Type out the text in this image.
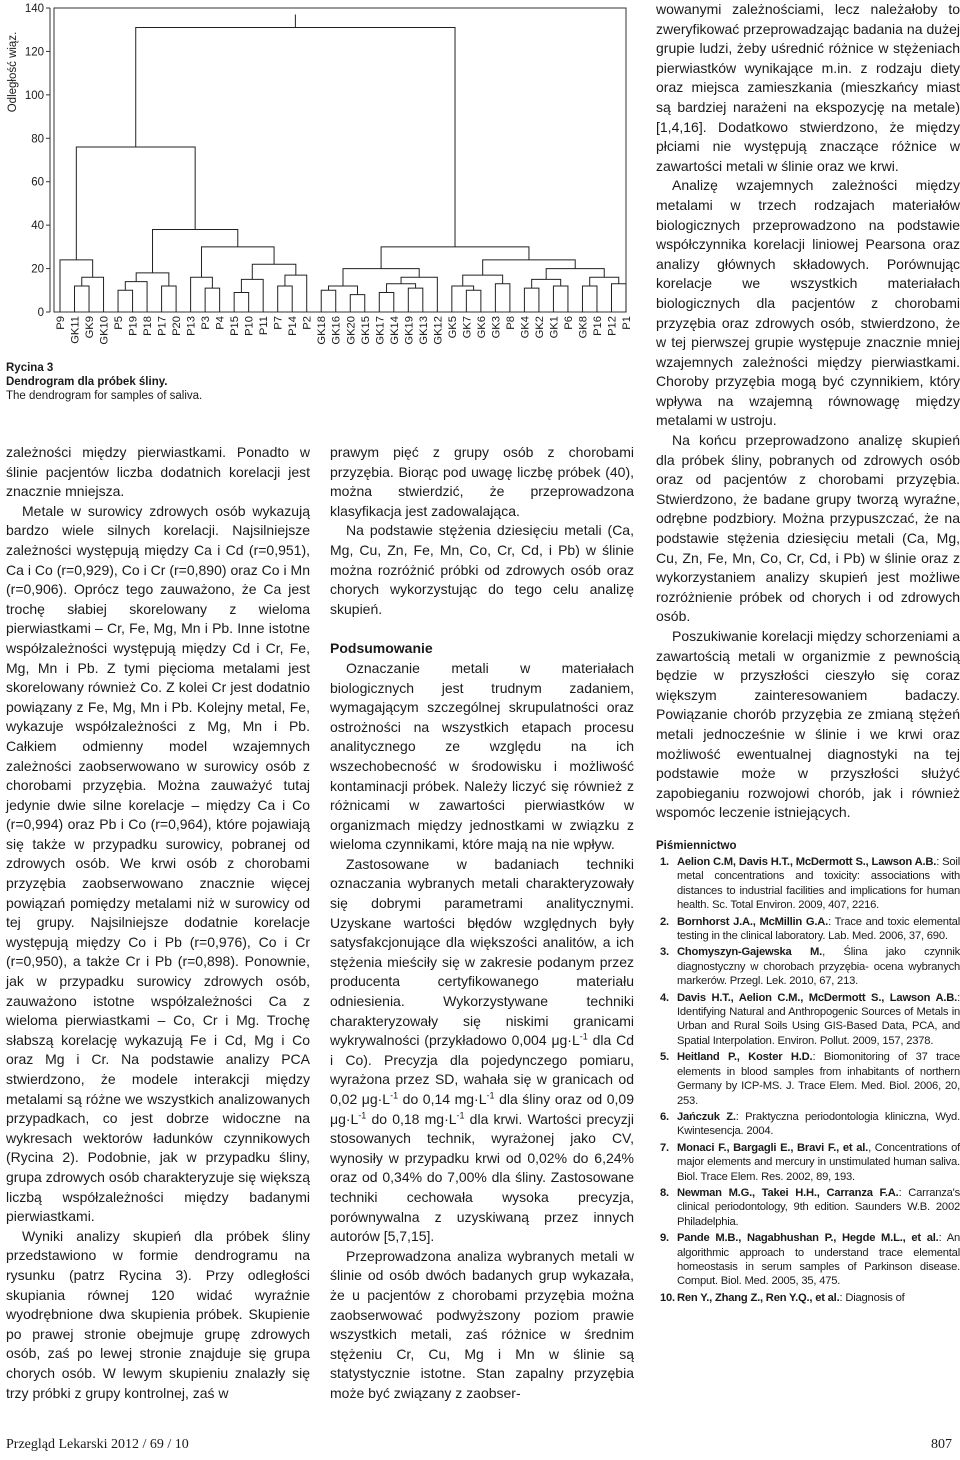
140
120
100
80
60
40
20
0
P9 GK11 GK9 GK10 P5 P19 P18 P17 P20 P13 P3 P4 P15 P10 P11 P7 P14 P2 GK18 GK16 GK20 GK15 GK17 GK14 GK19 GK13 GK12 GK5 GK7 GK6 GK3 P8 GK4 GK2 GK1 P6 GK8 P16 P12 P1
Odległość wiąz.
Rycina 3
Dendrogram dla próbek śliny.
The dendrogram for samples of saliva.

zależności między pierwiastkami. Ponadto w ślinie pacjentów liczba dodatnich korelacji jest znacznie mniejsza.

Metale w surowicy zdrowych osób wykazują bardzo wiele silnych korelacji. Najsilniejsze zależności występują między Ca i Cd (r=0,951), Ca i Co (r=0,929), Co i Cr (r=0,890) oraz Co i Mn (r=0,906). Oprócz tego zauważono, że Ca jest trochę słabiej skorelowany z wieloma pierwiastkami – Cr, Fe, Mg, Mn i Pb. Inne istotne współzależności występują między Cd i Cr, Fe, Mg, Mn i Pb. Z tymi pięcioma metalami jest skorelowany również Co. Z kolei Cr jest dodatnio powiązany z Fe, Mg, Mn i Pb. Kolejny metal, Fe, wykazuje współzależności z Mg, Mn i Pb. Całkiem odmienny model wzajemnych zależności zaobserwowano w surowicy osób z chorobami przyzębia. Można zauważyć tutaj jedynie dwie silne korelacje – między Ca i Co (r=0,994) oraz Pb i Co (r=0,964), które pojawiają się także w przypadku surowicy, pobranej od zdrowych osób. We krwi osób z chorobami przyzębia zaobserwowano znacznie więcej powiązań pomiędzy metalami niż w surowicy od tej grupy. Najsilniejsze dodatnie korelacje występują między Co i Pb (r=0,976), Co i Cr (r=0,950), a także Cr i Pb (r=0,898). Ponownie, jak w przypadku surowicy zdrowych osób, zauważono istotne współzależności Ca z wieloma pierwiastkami – Co, Cr i Mg. Trochę słabszą korelację wykazują Fe i Cd, Mg i Co oraz Mg i Cr. Na podstawie analizy PCA stwierdzono, że modele interakcji między metalami są różne we wszystkich analizowanych przypadkach, co jest dobrze widoczne na wykresach wektorów ładunków czynnikowych (Rycina 2). Podobnie, jak w przypadku śliny, grupa zdrowych osób charakteryzuje się większą liczbą współzależności między badanymi pierwiastkami.

Wyniki analizy skupień dla próbek śliny przedstawiono w formie dendrogramu na rysunku (patrz Rycina 3). Przy odległości skupiania równej 120 widać wyraźnie wyodrębnione dwa skupienia próbek. Skupienie po prawej stronie obejmuje grupę zdrowych osób, zaś po lewej stronie znajduje się grupa chorych osób. W lewym skupieniu znalazły się trzy próbki z grupy kontrolnej, zaś w

prawym pięć z grupy osób z chorobami przyzębia. Biorąc pod uwagę liczbę próbek (40), można stwierdzić, że przeprowadzona klasyfikacja jest zadowalająca.

Na podstawie stężenia dziesięciu metali (Ca, Mg, Cu, Zn, Fe, Mn, Co, Cr, Cd, i Pb) w ślinie można rozróżnić próbki od zdrowych osób oraz chorych wykorzystując do tego celu analizę skupień.

Podsumowanie

Oznaczanie metali w materiałach biologicznych jest trudnym zadaniem, wymagającym szczególnej skrupulatności oraz ostrożności na wszystkich etapach procesu analitycznego ze względu na ich wszechobecność w środowisku i możliwość kontaminacji próbek. Należy liczyć się również z różnicami w zawartości pierwiastków w organizmach między jednostkami w związku z wieloma czynnikami, które mają na nie wpływ.

Zastosowane w badaniach techniki oznaczania wybranych metali charakteryzowały się dobrymi parametrami analitycznymi. Uzyskane wartości błędów względnych były satysfakcjonujące dla większości analitów, a ich stężenia mieściły się w zakresie podanym przez producenta certyfikowanego materiału odniesienia. Wykorzystywane techniki charakteryzowały się niskimi granicami wykrywalności (przykładowo 0,004 $\mu g\cdot L^{-1}$ dla Cd i Co). Precyzja dla pojedynczego pomiaru, wyrażona przez SD, wahała się w granicach od 0,02 $\mu g\cdot L^{-1}$ do 0,14 $mg\cdot L^{-1}$ dla śliny oraz od 0,09 $\mu g\cdot L^{-1}$ do 0,18 $mg\cdot L^{-1}$ dla krwi. Wartości precyzji stosowanych technik, wyrażonej jako CV, wynosiły w przypadku krwi od 0,02% do 6,24% oraz od 0,34% do 7,00% dla śliny. Zastosowane techniki cechowała wysoka precyzja, porównywalna z uzyskiwaną przez innych autorów [5,7,15].

Przeprowadzona analiza wybranych metali w ślinie od osób dwóch badanych grup wykazała, że u pacjentów z chorobami przyzębia można zaobserwować podwyższony poziom prawie wszystkich metali, zaś różnice w średnim stężeniu Cr, Cu, Mg i Mn w ślinie są statystycznie istotne. Stan zapalny przyzębia może być związany z zaobser-

wowanymi zależnościami, lecz należałoby to zweryfikować przeprowadzając badania na dużej grupie ludzi, żeby uśrednić różnice w stężeniach pierwiastków wynikające m.in. z rodzaju diety oraz miejsca zamieszkania (mieszkańcy miast są bardziej narażeni na ekspozycję na metale) [1,4,16]. Dodatkowo stwierdzono, że między płciami nie występują znaczące różnice w zawartości metali w ślinie oraz we krwi.

Analizę wzajemnych zależności między metalami w trzech rodzajach materiałów biologicznych przeprowadzono na podstawie współczynnika korelacji liniowej Pearsona oraz analizy głównych składowych. Porównując korelacje we wszystkich materiałach biologicznych dla pacjentów z chorobami przyzębia oraz zdrowych osób, stwierdzono, że w tej pierwszej grupie występuje znacznie mniej wzajemnych zależności między pierwiastkami. Choroby przyzębia mogą być czynnikiem, który wpływa na wzajemną równowagę między metalami w ustroju.

Na końcu przeprowadzono analizę skupień dla próbek śliny, pobranych od zdrowych osób oraz od pacjentów z chorobami przyzębia. Stwierdzono, że badane grupy tworzą wyraźne, odrębne podzbiory. Można przypuszczać, że na podstawie stężenia dziesięciu metali (Ca, Mg, Cu, Zn, Fe, Mn, Co, Cr, Cd, i Pb) w ślinie oraz z wykorzystaniem analizy skupień jest możliwe rozróżnienie próbek od chorych i od zdrowych osób.

Poszukiwanie korelacji między schorzeniami a zawartością metali w organizmie z pewnością będzie w przyszłości cieszyło się coraz większym zainteresowaniem badaczy. Powiązanie chorób przyzębia ze zmianą stężeń metali jednocześnie w ślinie i we krwi oraz możliwość ewentualnej diagnostyki na tej podstawie może w przyszłości służyć zapobieganiu rozwojowi chorób, jak i również wspomóc leczenie istniejących.

Piśmiennictwo

1. Aelion C.M, Davis H.T., McDermott S., Lawson A.B.: Soil metal concentrations and toxicity: associations with distances to industrial facilities and implications for human health. Sc. Total Environ. 2009, 407, 2216.
2. Bornhorst J.A., McMillin G.A.: Trace and toxic elemental testing in the clinical laboratory. Lab. Med. 2006, 37, 690.
3. Chomyszyn-Gajewska M., Ślina jako czynnik diagnostyczny w chorobach przyzębia- ocena wybranych markerów. Przegl. Lek. 2010, 67, 213.
4. Davis H.T., Aelion C.M., McDermott S., Lawson A.B.: Identifying Natural and Anthropogenic Sources of Metals in Urban and Rural Soils Using GIS-Based Data, PCA, and Spatial Interpolation. Environ. Pollut. 2009, 157, 2378.
5. Heitland P., Koster H.D.: Biomonitoring of 37 trace elements in blood samples from inhabitants of northern Germany by ICP-MS. J. Trace Elem. Med. Biol. 2006, 20, 253.
6. Jańczuk Z.: Praktyczna periodontologia kliniczna, Wyd. Kwintesencja. 2004.
7. Monaci F., Bargagli E., Bravi F., et al., Concentrations of major elements and mercury in unstimulated human saliva. Biol. Trace Elem. Res. 2002, 89, 193.
8. Newman M.G., Takei H.H., Carranza F.A.: Carranza's clinical periodontology, 9th edition. Saunders W.B. 2002 Philadelphia.
9. Pande M.B., Nagabhushan P., Hegde M.L., et al.: An algorithmic approach to understand trace elemental homeostasis in serum samples of Parkinson disease. Comput. Biol. Med. 2005, 35, 475.
10. Ren Y., Zhang Z., Ren Y.Q., et al.: Diagnosis of
Przegląd Lekarski 2012 / 69 / 10	807
